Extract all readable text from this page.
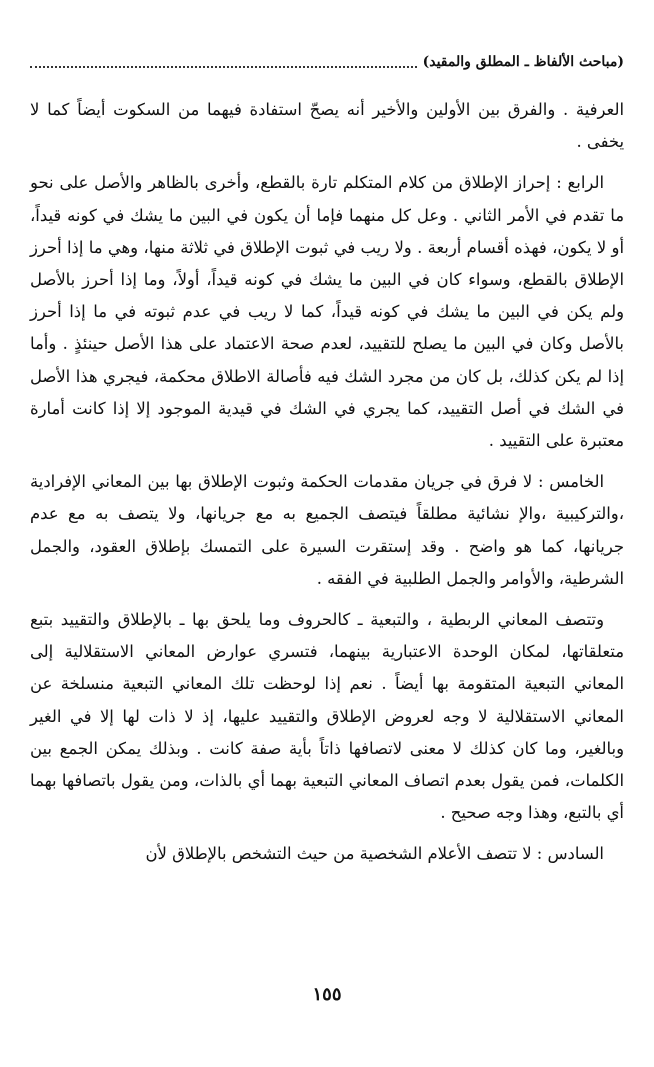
(مباحث الألفاظ ـ المطلق والمقيد)

العرفية . والفرق بين الأولين والأخير أنه يصحّ استفادة فيهما من السكوت أيضاً كما لا يخفى .

الرابع : إحراز الإطلاق من كلام المتكلم تارة بالقطع، وأخرى بالظاهر والأصل على نحو ما تقدم في الأمر الثاني . وعل كل منهما فإما أن يكون في البين ما يشك في كونه قيداً، أو لا يكون، فهذه أقسام أربعة . ولا ريب في ثبوت الإطلاق في ثلاثة منها، وهي ما إذا أحرز الإطلاق بالقطع، وسواء كان في البين ما يشك في كونه قيداً، أولاً، وما إذا أحرز بالأصل ولم يكن في البين ما يشك في كونه قيداً، كما لا ريب في عدم ثبوته في ما إذا أحرز بالأصل وكان في البين ما يصلح للتقييد، لعدم صحة الاعتماد على هذا الأصل حينئذٍ . وأما إذا لم يكن كذلك، بل كان من مجرد الشك فيه فأصالة الاطلاق محكمة، فيجري هذا الأصل في الشك في أصل التقييد، كما يجري في الشك في قيدية الموجود إلا إذا كانت أمارة معتبرة على التقييد .

الخامس : لا فرق في جريان مقدمات الحكمة وثبوت الإطلاق بها بين المعاني الإفرادية ،والتركيبية ،والإ نشائية مطلقاً فيتصف الجميع به مع جريانها، ولا يتصف به مع عدم جريانها، كما هو واضح . وقد إستقرت السيرة على التمسك بإطلاق العقود، والجمل الشرطية، والأوامر والجمل الطلبية في الفقه .

وتتصف المعاني الربطية ، والتبعية ـ كالحروف وما يلحق بها ـ بالإطلاق والتقييد بتبع متعلقاتها، لمكان الوحدة الاعتبارية بينهما، فتسري عوارض المعاني الاستقلالية إلى المعاني التبعية المتقومة بها أيضاً . نعم إذا لوحظت تلك المعاني التبعية منسلخة عن المعاني الاستقلالية لا وجه لعروض الإطلاق والتقييد عليها، إذ لا ذات لها إلا في الغير وبالغير، وما كان كذلك لا معنى لاتصافها ذاتاً بأية صفة كانت . وبذلك يمكن الجمع بين الكلمات، فمن يقول بعدم اتصاف المعاني التبعية بهما أي بالذات، ومن يقول باتصافها بهما أي بالتبع، وهذا وجه صحيح .

السادس : لا تتصف الأعلام الشخصية من حيث التشخص بالإطلاق لأن

١٥٥
